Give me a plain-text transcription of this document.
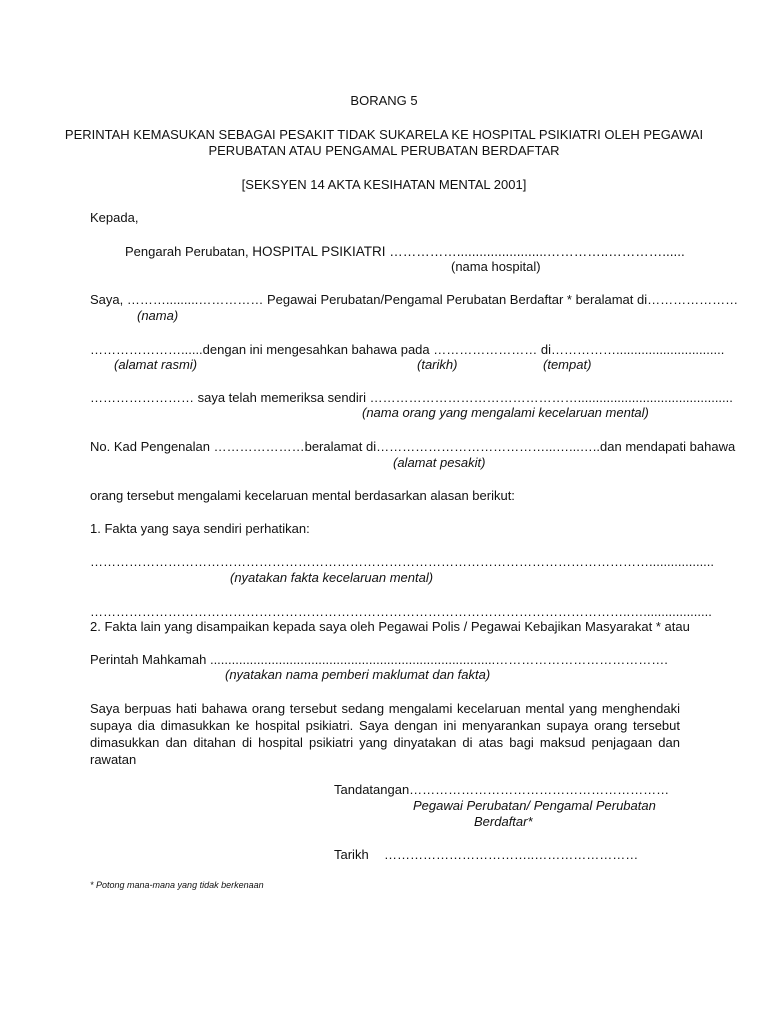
BORANG 5
PERINTAH KEMASUKAN SEBAGAI PESAKIT TIDAK SUKARELA KE HOSPITAL PSIKIATRI OLEH PEGAWAI
PERUBATAN ATAU PENGAMAL PERUBATAN BERDAFTAR
[SEKSYEN 14 AKTA KESIHATAN MENTAL 2001]
Kepada,
Pengarah Perubatan, HOSPITAL PSIKIATRI ……………........................…………..…………......
(nama hospital)
Saya, ……….........…………… Pegawai Perubatan/Pengamal Perubatan Berdaftar * beralamat di…………………
(nama)
…………………......dengan ini mengesahkan bahawa pada …………………… di……………..............................
(alamat rasmi)	(tarikh)	(tempat)
…………………… saya telah memeriksa sendiri …………………………………………...........................................
(nama orang yang mengalami kecelaruan mental)
No. Kad Pengenalan …………………beralamat di…………………………………...…...…..dan mendapati bahawa
(alamat pesakit)
orang tersebut mengalami kecelaruan mental berdasarkan alasan berikut:
1. Fakta yang saya sendiri perhatikan:
…………………………………………………………………………………………………………………..................
(nyatakan fakta kecelaruan mental)
……………………………………………………………………………………………………………..…...................
2. Fakta lain yang disampaikan kepada saya oleh Pegawai Polis / Pegawai Kebajikan Masyarakat * atau
Perintah Mahkamah ...............................................................................………………………………….
(nyatakan nama pemberi maklumat dan fakta)
Saya berpuas hati bahawa orang tersebut sedang mengalami kecelaruan mental yang menghendaki supaya dia dimasukkan ke hospital psikiatri. Saya dengan ini menyarankan supaya orang tersebut dimasukkan dan ditahan di hospital psikiatri yang dinyatakan di atas bagi maksud penjagaan dan rawatan
Tandatangan……………………………………………………
Pegawai Perubatan/ Pengamal Perubatan
Berdaftar*
Tarikh ……………………………..……………………
* Potong mana-mana yang tidak berkenaan
